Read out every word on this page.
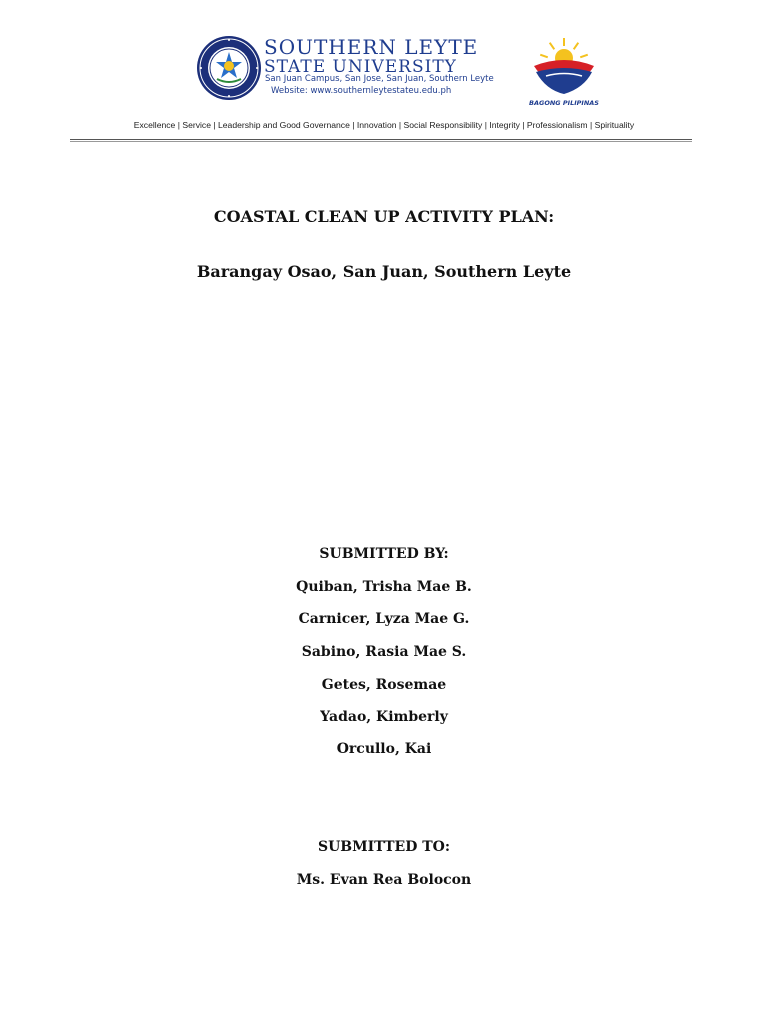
SOUTHERN LEYTE
STATE UNIVERSITY
San Juan Campus, San Jose, San Juan, Southern Leyte
Website: www.southernleytestateu.edu.ph
BAGONG PILIPINAS
Excellence | Service | Leadership and Good Governance | Innovation | Social Responsibility | Integrity | Professionalism | Spirituality
COASTAL CLEAN UP ACTIVITY PLAN:
Barangay Osao, San Juan, Southern Leyte
SUBMITTED BY:
Quiban, Trisha Mae B.
Carnicer, Lyza Mae G.
Sabino, Rasia Mae S.
Getes, Rosemae
Yadao, Kimberly
Orcullo, Kai
SUBMITTED TO:
Ms. Evan Rea Bolocon
